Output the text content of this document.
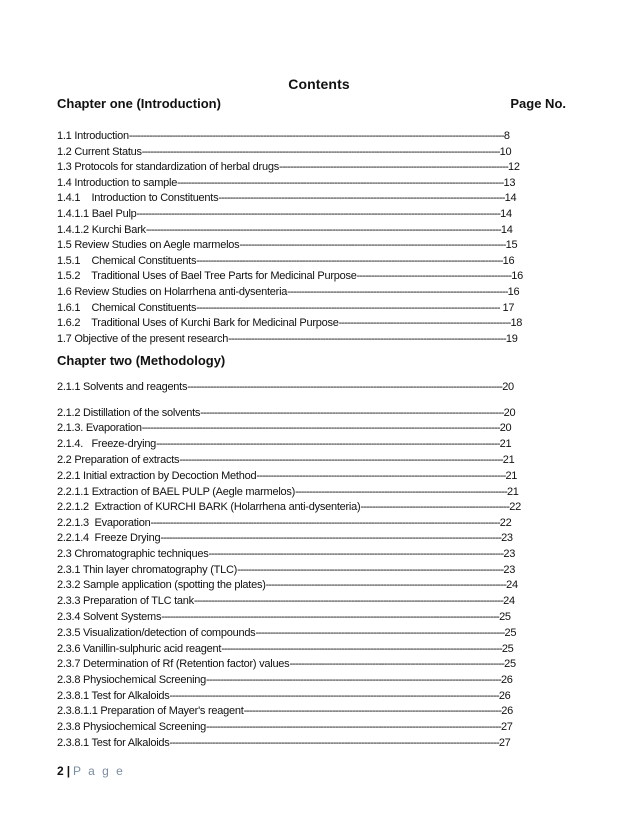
Contents
Chapter one (Introduction)	Page No.
1.1 Introduction-----------------------------------------------------------------------------------------------------------------------------------8
1.2 Current Status-----------------------------------------------------------------------------------------------------------------------------10
1.3 Protocols for standardization of herbal drugs--------------------------------------------------------------------------------12
1.4 Introduction to sample------------------------------------------------------------------------------------------------------------------13
1.4.1    Introduction to Constituents----------------------------------------------------------------------------------------------------14
1.4.1.1 Bael Pulp-------------------------------------------------------------------------------------------------------------------------------14
1.4.1.2 Kurchi Bark----------------------------------------------------------------------------------------------------------------------------14
1.5 Review Studies on Aegle marmelos---------------------------------------------------------------------------------------------15
1.5.1    Chemical Constituents-----------------------------------------------------------------------------------------------------------16
1.5.2    Traditional Uses of Bael Tree Parts for Medicinal Purpose------------------------------------------------------16
1.6 Review Studies on Holarrhena anti-dysenteria-----------------------------------------------------------------------------16
1.6.1    Chemical Constituents---------------------------------------------------------------------------------------------------------- 17
1.6.2    Traditional Uses of Kurchi Bark for Medicinal Purpose------------------------------------------------------------18
1.7 Objective of the present research-------------------------------------------------------------------------------------------------19
Chapter two (Methodology)
2.1.1 Solvents and reagents--------------------------------------------------------------------------------------------------------------20
2.1.2 Distillation of the solvents----------------------------------------------------------------------------------------------------------20
2.1.3. Evaporation-----------------------------------------------------------------------------------------------------------------------------20
2.1.4.   Freeze-drying------------------------------------------------------------------------------------------------------------------------21
2.2 Preparation of extracts-----------------------------------------------------------------------------------------------------------------21
2.2.1 Initial extraction by Decoction Method---------------------------------------------------------------------------------------21
2.2.1.1 Extraction of BAEL PULP (Aegle marmelos)--------------------------------------------------------------------------21
2.2.1.2  Extraction of KURCHI BARK (Holarrhena anti-dysenteria)----------------------------------------------------22
2.2.1.3  Evaporation--------------------------------------------------------------------------------------------------------------------------22
2.2.1.4  Freeze Drying-----------------------------------------------------------------------------------------------------------------------23
2.3 Chromatographic techniques-------------------------------------------------------------------------------------------------------23
2.3.1 Thin layer chromatography (TLC)---------------------------------------------------------------------------------------------23
2.3.2 Sample application (spotting the plates)------------------------------------------------------------------------------------24
2.3.3 Preparation of TLC tank------------------------------------------------------------------------------------------------------------24
2.3.4 Solvent Systems----------------------------------------------------------------------------------------------------------------------25
2.3.5 Visualization/detection of compounds---------------------------------------------------------------------------------------25
2.3.6 Vanillin-sulphuric acid reagent--------------------------------------------------------------------------------------------------25
2.3.7 Determination of Rf (Retention factor) values---------------------------------------------------------------------------25
2.3.8 Physiochemical Screening-------------------------------------------------------------------------------------------------------26
2.3.8.1 Test for Alkaloids-------------------------------------------------------------------------------------------------------------------26
2.3.8.1.1 Preparation of Mayer's reagent------------------------------------------------------------------------------------------26
2.3.8 Physiochemical Screening-------------------------------------------------------------------------------------------------------27
2.3.8.1 Test for Alkaloids-------------------------------------------------------------------------------------------------------------------27
2 | P a g e
